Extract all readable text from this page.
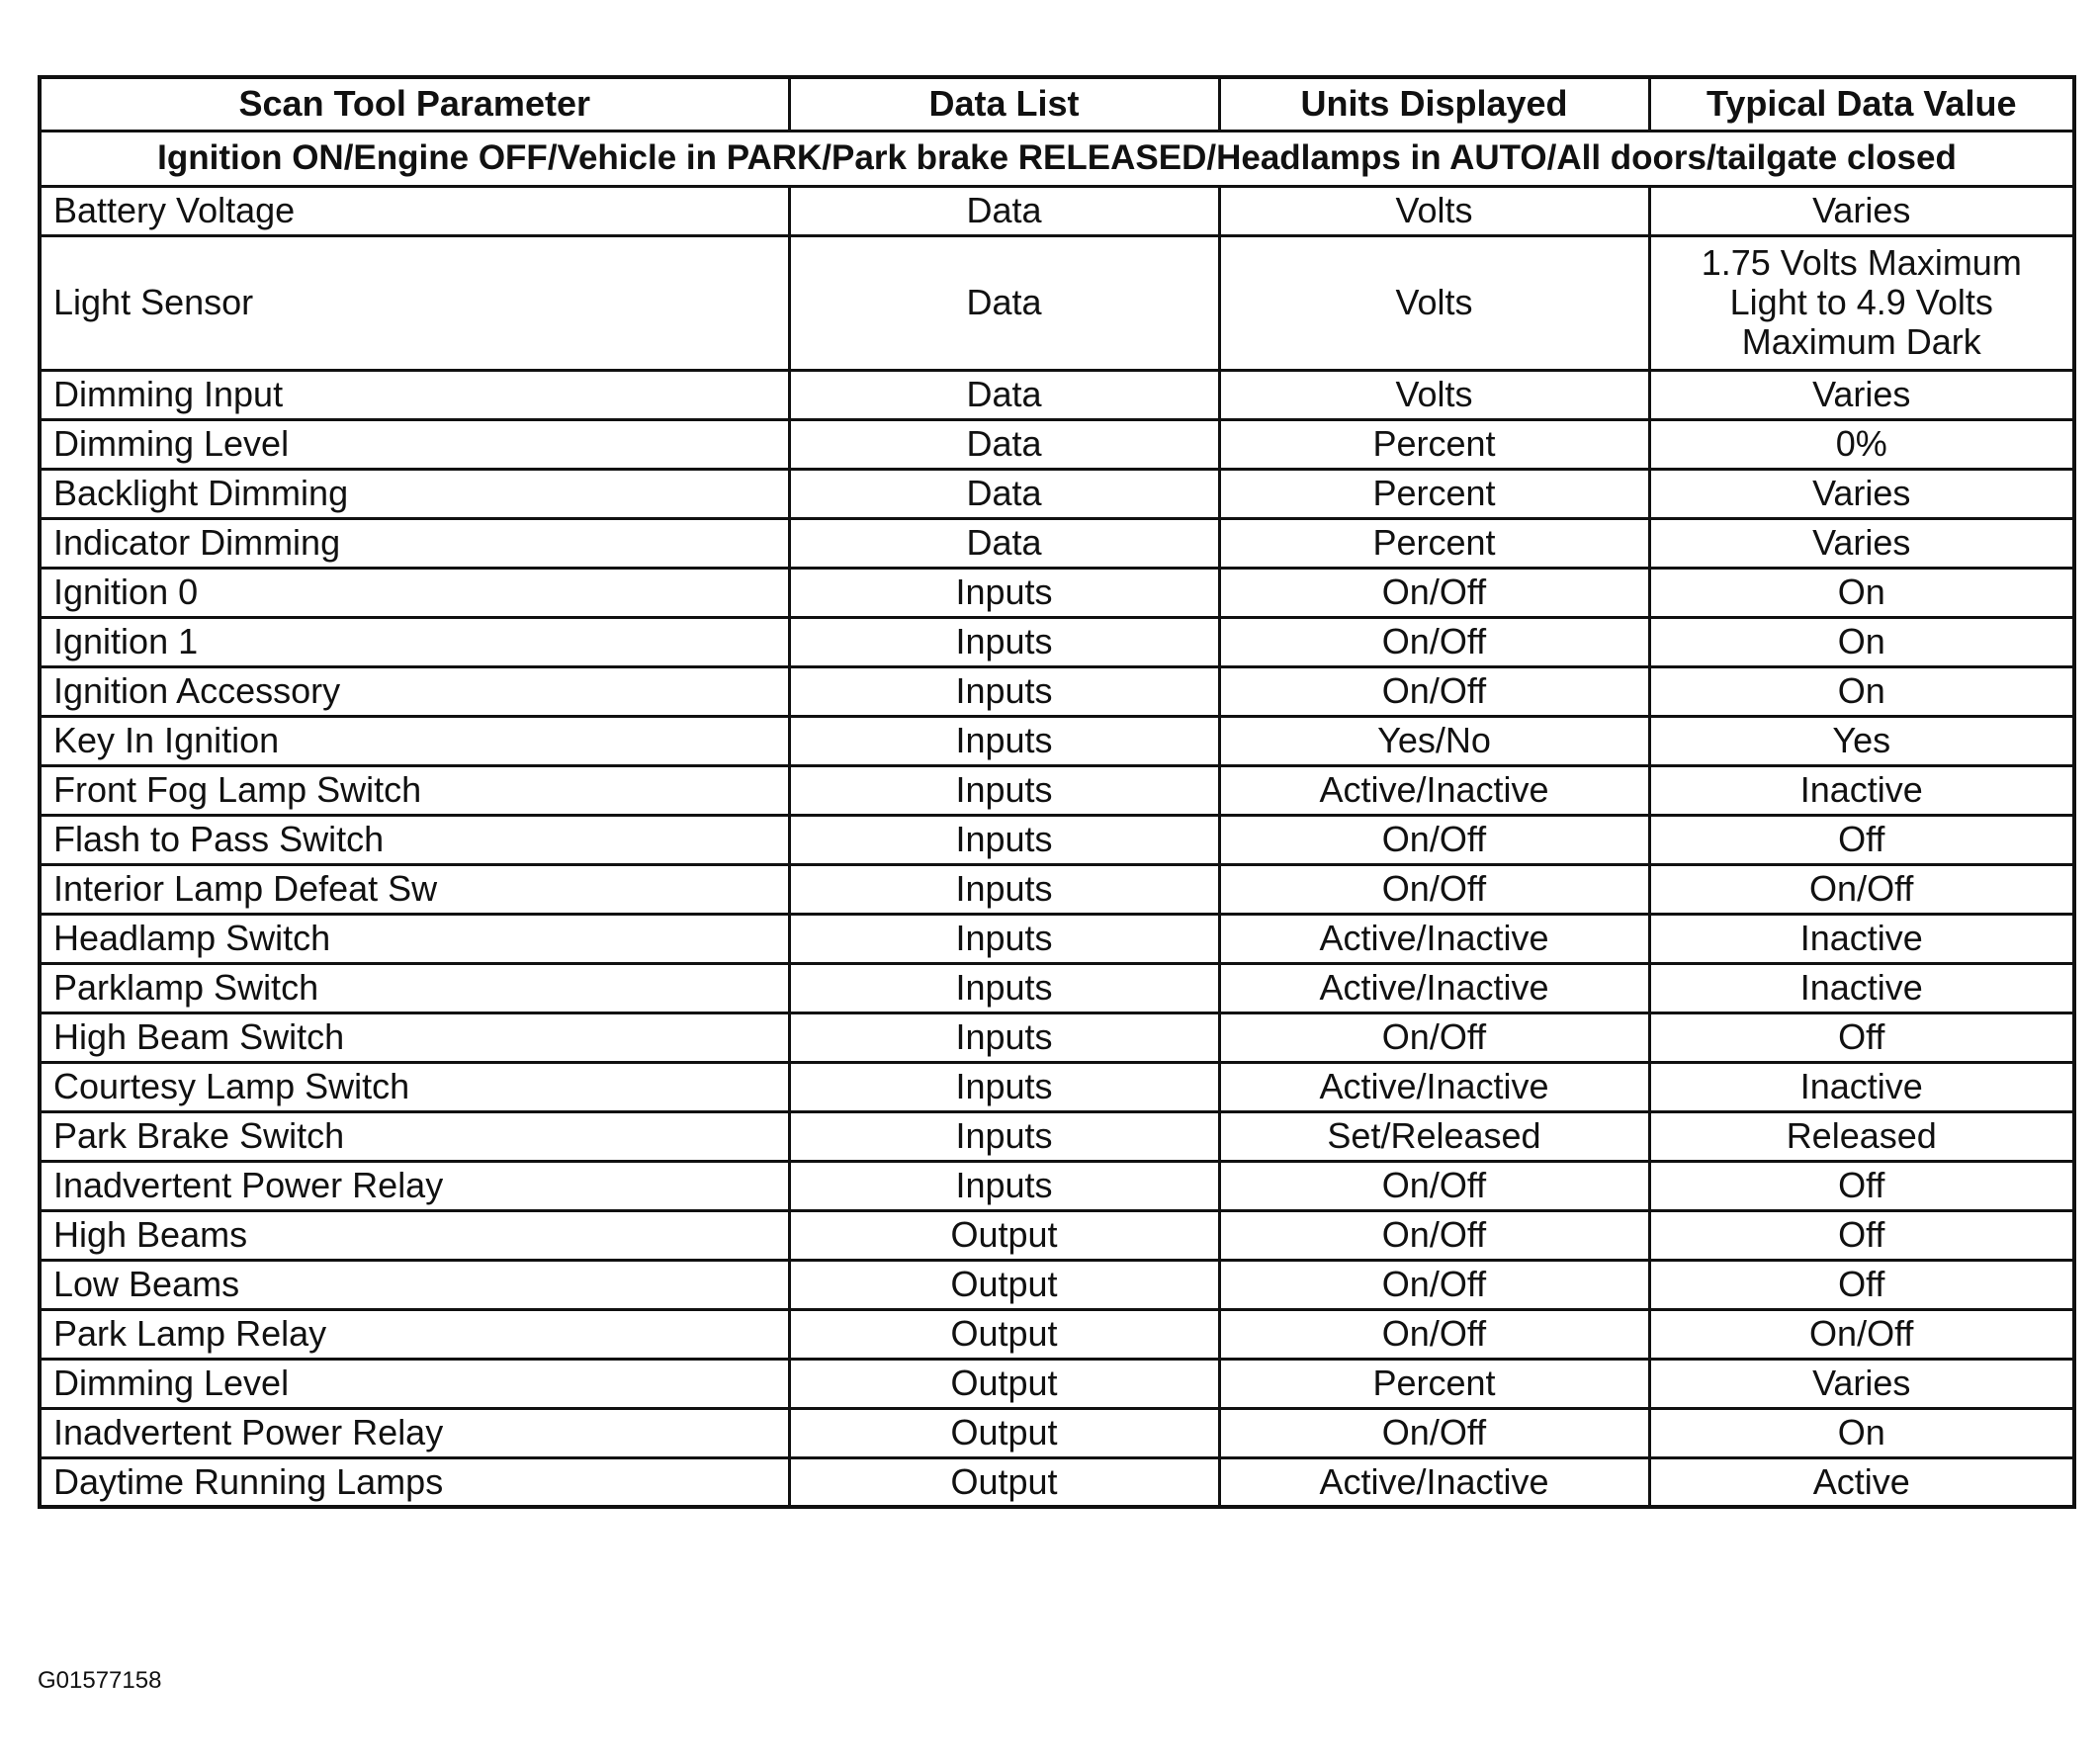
Scan Tool Parameter	Data List	Units Displayed	Typical Data Value
Ignition ON/Engine OFF/Vehicle in PARK/Park brake RELEASED/Headlamps in AUTO/All doors/tailgate closed			
Battery Voltage	Data	Volts	Varies
Light Sensor	Data	Volts	1.75 Volts Maximum Light to 4.9 Volts Maximum Dark
Dimming Input	Data	Volts	Varies
Dimming Level	Data	Percent	0%
Backlight Dimming	Data	Percent	Varies
Indicator Dimming	Data	Percent	Varies
Ignition 0	Inputs	On/Off	On
Ignition 1	Inputs	On/Off	On
Ignition Accessory	Inputs	On/Off	On
Key In Ignition	Inputs	Yes/No	Yes
Front Fog Lamp Switch	Inputs	Active/Inactive	Inactive
Flash to Pass Switch	Inputs	On/Off	Off
Interior Lamp Defeat Sw	Inputs	On/Off	On/Off
Headlamp Switch	Inputs	Active/Inactive	Inactive
Parklamp Switch	Inputs	Active/Inactive	Inactive
High Beam Switch	Inputs	On/Off	Off
Courtesy Lamp Switch	Inputs	Active/Inactive	Inactive
Park Brake Switch	Inputs	Set/Released	Released
Inadvertent Power Relay	Inputs	On/Off	Off
High Beams	Output	On/Off	Off
Low Beams	Output	On/Off	Off
Park Lamp Relay	Output	On/Off	On/Off
Dimming Level	Output	Percent	Varies
Inadvertent Power Relay	Output	On/Off	On
Daytime Running Lamps	Output	Active/Inactive	Active
G01577158
